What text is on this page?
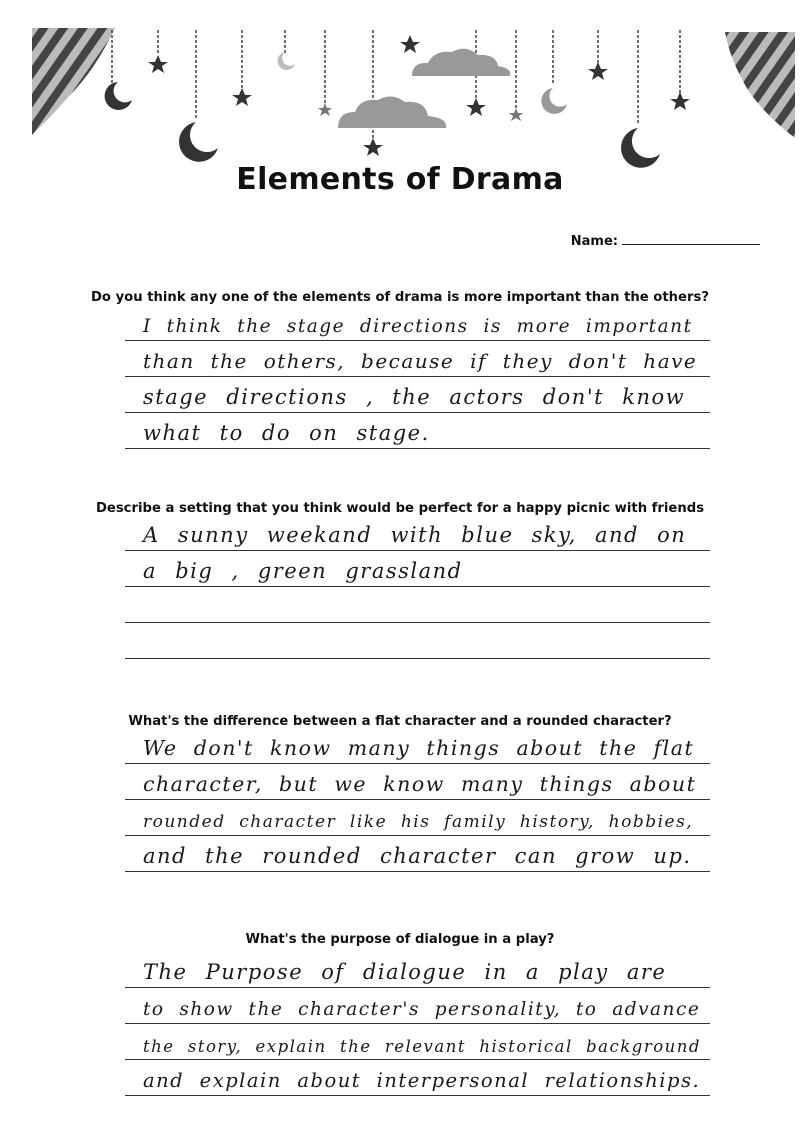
Elements of Drama
Name:
Do you think any one of the elements of drama is more important than the others?
I think the stage directions is more important
than the others, because if they don't have
stage directions , the actors don't know
what to do on stage.
Describe a setting that you think would be perfect for a happy picnic with friends
A sunny weekand with blue sky, and on
a big , green grassland
What's the difference between a flat character and a rounded character?
We don't know many things about the flat
character, but we know many things about
rounded character like his family history, hobbies,
and the rounded character can grow up.
What's the purpose of dialogue in a play?
The Purpose of dialogue in a play are
to show the character's personality, to advance
the story, explain the relevant historical background
and explain about interpersonal relationships.
